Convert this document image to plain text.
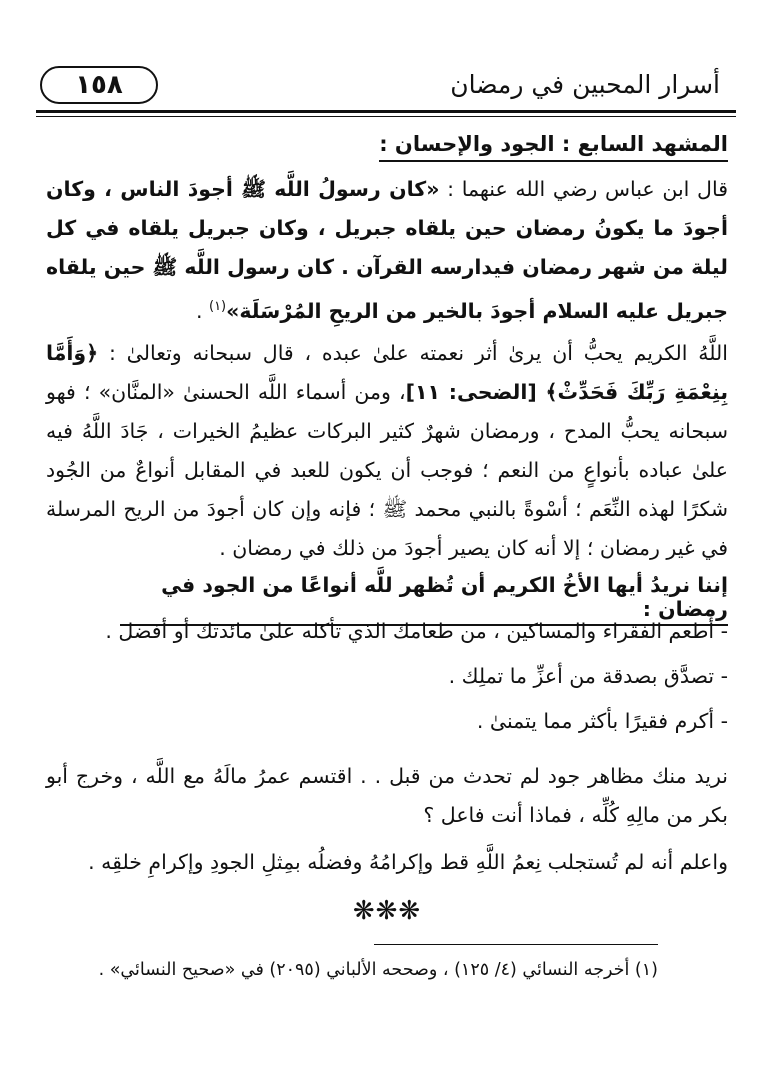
١٥٨	أسرار المحبين في رمضان
المشهد السابع : الجود والإحسان :

قال ابن عباس رضي الله عنهما : «كان رسولُ اللَّه ﷺ أجودَ الناس ، وكان أجودَ ما يكونُ رمضان حين يلقاه جبريل ، وكان جبريل يلقاه في كل ليلة من شهر رمضان فيدارسه القرآن . كان رسول اللَّه ﷺ حين يلقاه جبريل عليه السلام أجودَ بالخير من الريحِ المُرْسَلَة»$^{(١)}$ .

اللَّهُ الكريم يحبُّ أن يرىٰ أثر نعمته علىٰ عبده ، قال سبحانه وتعالىٰ : ﴿وَأَمَّا بِنِعْمَةِ رَبِّكَ فَحَدِّثْ﴾ [الضحى: ١١]، ومن أسماء اللَّه الحسنىٰ «المنَّان» ؛ فهو سبحانه يحبُّ المدح ، ورمضان شهرٌ كثير البركات عظيمُ الخيرات ، جَادَ اللَّهُ فيه علىٰ عباده بأنواعٍ من النعم ؛ فوجب أن يكون للعبد في المقابل أنواعٌ من الجُود شكرًا لهذه النِّعَم ؛ أسْوةً بالنبي محمد ﷺ ؛ فإنه وإن كان أجودَ من الريح المرسلة في غير رمضان ؛ إلا أنه كان يصير أجودَ من ذلك في رمضان .

إننا نريدُ أيها الأخُ الكريم أن تُظهر للَّه أنواعًا من الجود في رمضان :
- أطعم الفقراء والمساكين ، من طعامك الذي تأكله علىٰ مائدتك أو أفضل .
- تصدَّق بصدقة من أعزِّ ما تملِك .
- أكرم فقيرًا بأكثر مما يتمنىٰ .

نريد منك مظاهر جود لم تحدث من قبل . . اقتسم عمرُ مالَهُ مع اللَّه ، وخرج أبو بكر من مالِهِ كُلِّه ، فماذا أنت فاعل ؟

واعلم أنه لم تُستجلب نِعمُ اللَّهِ قط وإكرامُهُ وفضلُه بمِثلِ الجودِ وإكرامِ خلقِه .

❋❋❋
(١) أخرجه النسائي (٤/ ١٢٥) ، وصححه الألباني (٢٠٩٥) في «صحيح النسائي» .
